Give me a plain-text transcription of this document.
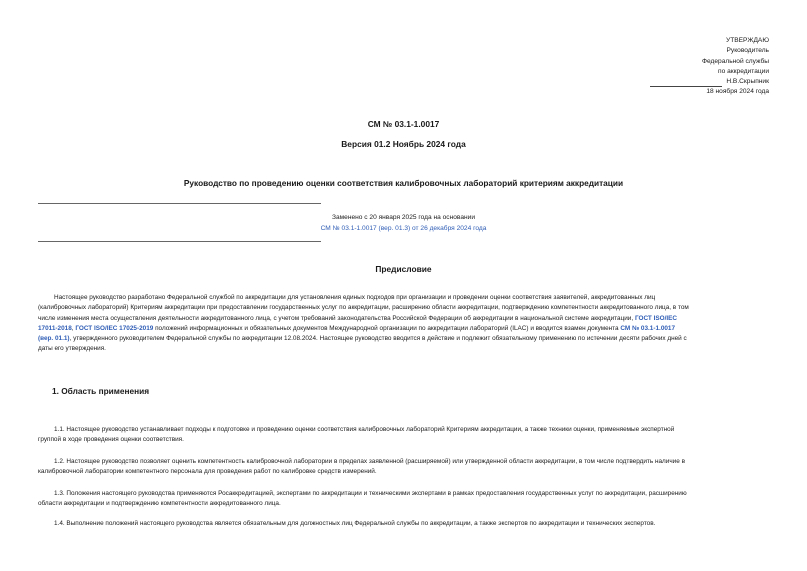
УТВЕРЖДАЮ
Руководитель
Федеральной службы
по аккредитации
Н.В.Скрыпник
18 ноября 2024 года
СМ № 03.1-1.0017
Версия 01.2 Ноябрь 2024 года
Руководство по проведению оценки соответствия калибровочных лабораторий критериям аккредитации
Заменено с 20 января 2025 года на основании
СМ № 03.1-1.0017 (вер. 01.3) от 26 декабря 2024 года
Предисловие
Настоящее руководство разработано Федеральной службой по аккредитации для установления единых подходов при организации и проведении оценки соответствия заявителей, аккредитованных лиц
(калибровочных лабораторий) Критериям аккредитации при предоставлении государственных услуг по аккредитации, расширению области аккредитации, подтверждению компетентности аккредитованного лица, в том
числе изменения места осуществления деятельности аккредитованного лица, с учетом требований законодательства Российской Федерации об аккредитации в национальной системе аккредитации, ГОСТ ISO/IEC
17011-2018, ГОСТ ISO/IEC 17025-2019 положений информационных и обязательных документов Международной организации по аккредитации лабораторий (ILAC) и вводится взамен документа СМ № 03.1-1.0017
(вер. 01.1), утвержденного руководителем Федеральной службы по аккредитации 12.08.2024. Настоящее руководство вводится в действие и подлежит обязательному применению по истечении десяти рабочих дней с
даты его утверждения.
1. Область применения
1.1. Настоящее руководство устанавливает подходы к подготовке и проведению оценки соответствия калибровочных лабораторий Критериям аккредитации, а также техники оценки, применяемые экспертной
группой в ходе проведения оценки соответствия.
1.2. Настоящее руководство позволяет оценить компетентность калибровочной лаборатории в пределах заявленной (расширяемой) или утвержденной области аккредитации, в том числе подтвердить наличие в
калибровочной лаборатории компетентного персонала для проведения работ по калибровке средств измерений.
1.3. Положения настоящего руководства применяются Росаккредитацией, экспертами по аккредитации и техническими экспертами в рамках предоставления государственных услуг по аккредитации, расширению
области аккредитации и подтверждению компетентности аккредитованного лица.
1.4. Выполнение положений настоящего руководства является обязательным для должностных лиц Федеральной службы по аккредитации, а также экспертов по аккредитации и технических экспертов.
